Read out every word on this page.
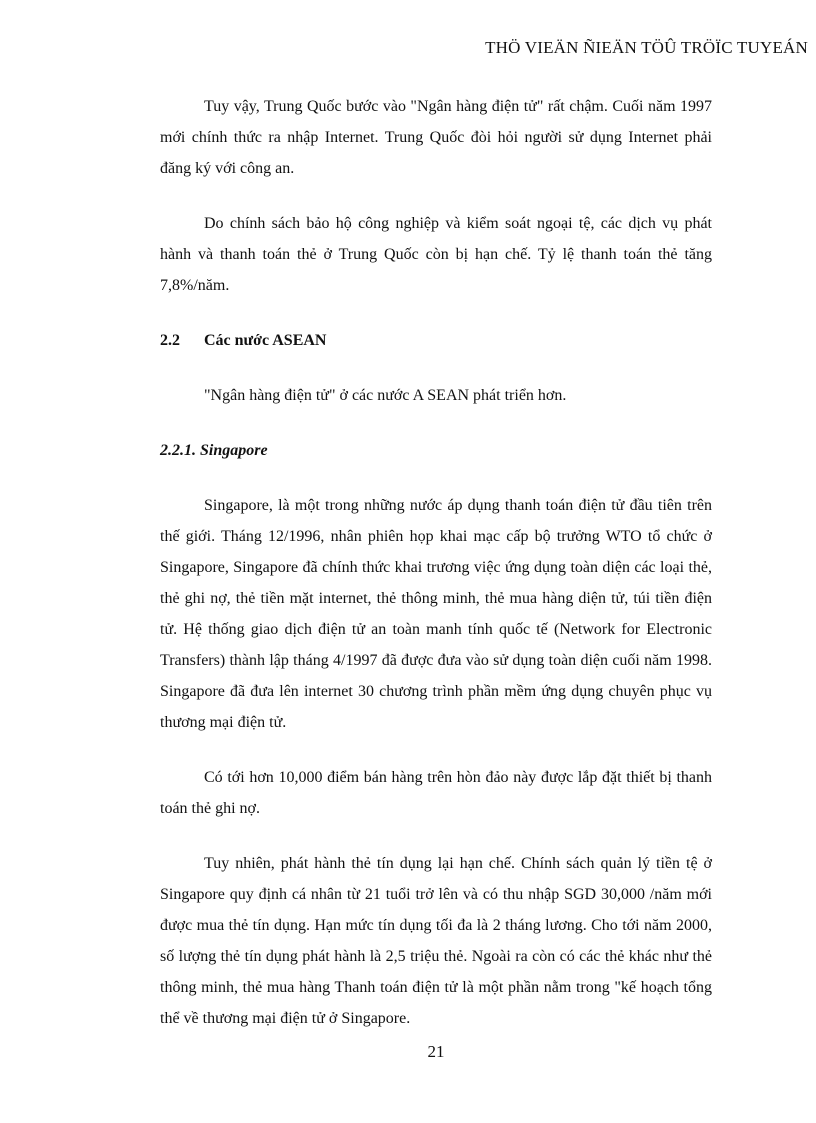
THÖ VIEÄN ÑIEÄN TÖÛ TRÖÏC TUYEÁN

Tuy vậy, Trung Quốc bước vào "Ngân hàng điện tử" rất chậm. Cuối năm 1997 mới chính thức ra nhập Internet. Trung Quốc đòi hỏi người sử dụng Internet phải đăng ký với công an.

Do chính sách bảo hộ công nghiệp và kiểm soát ngoại tệ, các dịch vụ phát hành và thanh toán thẻ ở Trung Quốc còn bị hạn chế. Tỷ lệ thanh toán thẻ tăng 7,8%/năm.

2.2 Các nước ASEAN

"Ngân hàng điện tử" ở các nước A SEAN phát triển hơn.

2.2.1. Singapore

Singapore, là một trong những nước áp dụng thanh toán điện tử đầu tiên trên thế giới. Tháng 12/1996, nhân phiên họp khai mạc cấp bộ trưởng WTO tổ chức ở Singapore, Singapore đã chính thức khai trương việc ứng dụng toàn diện các loại thẻ, thẻ ghi nợ, thẻ tiền mặt internet, thẻ thông minh, thẻ mua hàng diện tử, túi tiền điện tử. Hệ thống giao dịch điện tử an toàn manh tính quốc tế (Network for Electronic Transfers) thành lập tháng 4/1997 đã được đưa vào sử dụng toàn diện cuối năm 1998. Singapore đã đưa lên internet 30 chương trình phần mềm ứng dụng chuyên phục vụ thương mại điện tử.

Có tới hơn 10,000 điểm bán hàng trên hòn đảo này được lắp đặt thiết bị thanh toán thẻ ghi nợ.

Tuy nhiên, phát hành thẻ tín dụng lại hạn chế. Chính sách quản lý tiền tệ ở Singapore quy định cá nhân từ 21 tuổi trở lên và có thu nhập SGD 30,000 /năm mới được mua thẻ tín dụng. Hạn mức tín dụng tối đa là 2 tháng lương. Cho tới năm 2000, số lượng thẻ tín dụng phát hành là 2,5 triệu thẻ. Ngoài ra còn có các thẻ khác như thẻ thông minh, thẻ mua hàng Thanh toán điện tử là một phần nằm trong "kế hoạch tổng thể về thương mại điện tử ở Singapore.

21
